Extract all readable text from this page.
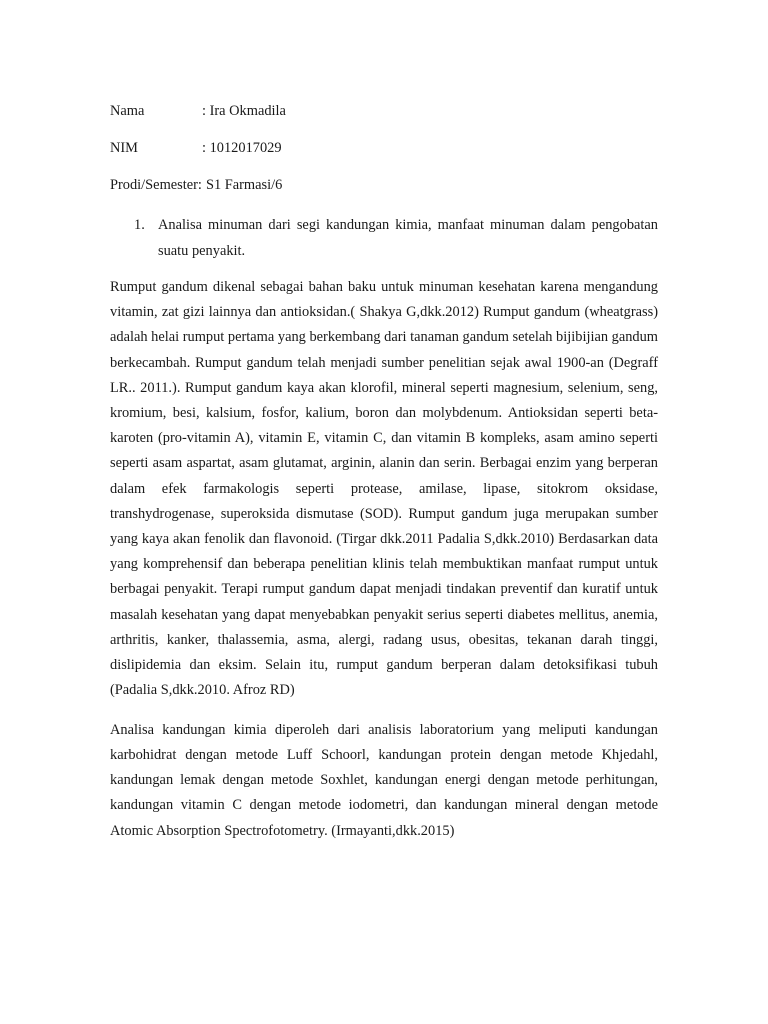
Nama	: Ira Okmadila
NIM	: 1012017029
Prodi/Semester: S1 Farmasi/6
1. Analisa minuman dari segi kandungan kimia, manfaat minuman dalam pengobatan suatu penyakit.

Rumput gandum dikenal sebagai bahan baku untuk minuman kesehatan karena mengandung vitamin, zat gizi lainnya dan antioksidan.( Shakya G,dkk.2012) Rumput gandum (wheatgrass) adalah helai rumput pertama yang berkembang dari tanaman gandum setelah bijibijian gandum berkecambah. Rumput gandum telah menjadi sumber penelitian sejak awal 1900-an (Degraff LR.. 2011.). Rumput gandum kaya akan klorofil, mineral seperti magnesium, selenium, seng, kromium, besi, kalsium, fosfor, kalium, boron dan molybdenum. Antioksidan seperti beta-karoten (pro-vitamin A), vitamin E, vitamin C, dan vitamin B kompleks, asam amino seperti seperti asam aspartat, asam glutamat, arginin, alanin dan serin. Berbagai enzim yang berperan dalam efek farmakologis seperti protease, amilase, lipase, sitokrom oksidase, transhydrogenase, superoksida dismutase (SOD). Rumput gandum juga merupakan sumber yang kaya akan fenolik dan flavonoid. (Tirgar dkk.2011 Padalia S,dkk.2010) Berdasarkan data yang komprehensif dan beberapa penelitian klinis telah membuktikan manfaat rumput untuk berbagai penyakit. Terapi rumput gandum dapat menjadi tindakan preventif dan kuratif untuk masalah kesehatan yang dapat menyebabkan penyakit serius seperti diabetes mellitus, anemia, arthritis, kanker, thalassemia, asma, alergi, radang usus, obesitas, tekanan darah tinggi, dislipidemia dan eksim. Selain itu, rumput gandum berperan dalam detoksifikasi tubuh (Padalia S,dkk.2010. Afroz RD)

Analisa kandungan kimia diperoleh dari analisis laboratorium yang meliputi kandungan karbohidrat dengan metode Luff Schoorl, kandungan protein dengan metode Khjedahl, kandungan lemak dengan metode Soxhlet, kandungan energi dengan metode perhitungan, kandungan vitamin C dengan metode iodometri, dan kandungan mineral dengan metode Atomic Absorption Spectrofotometry. (Irmayanti,dkk.2015)
